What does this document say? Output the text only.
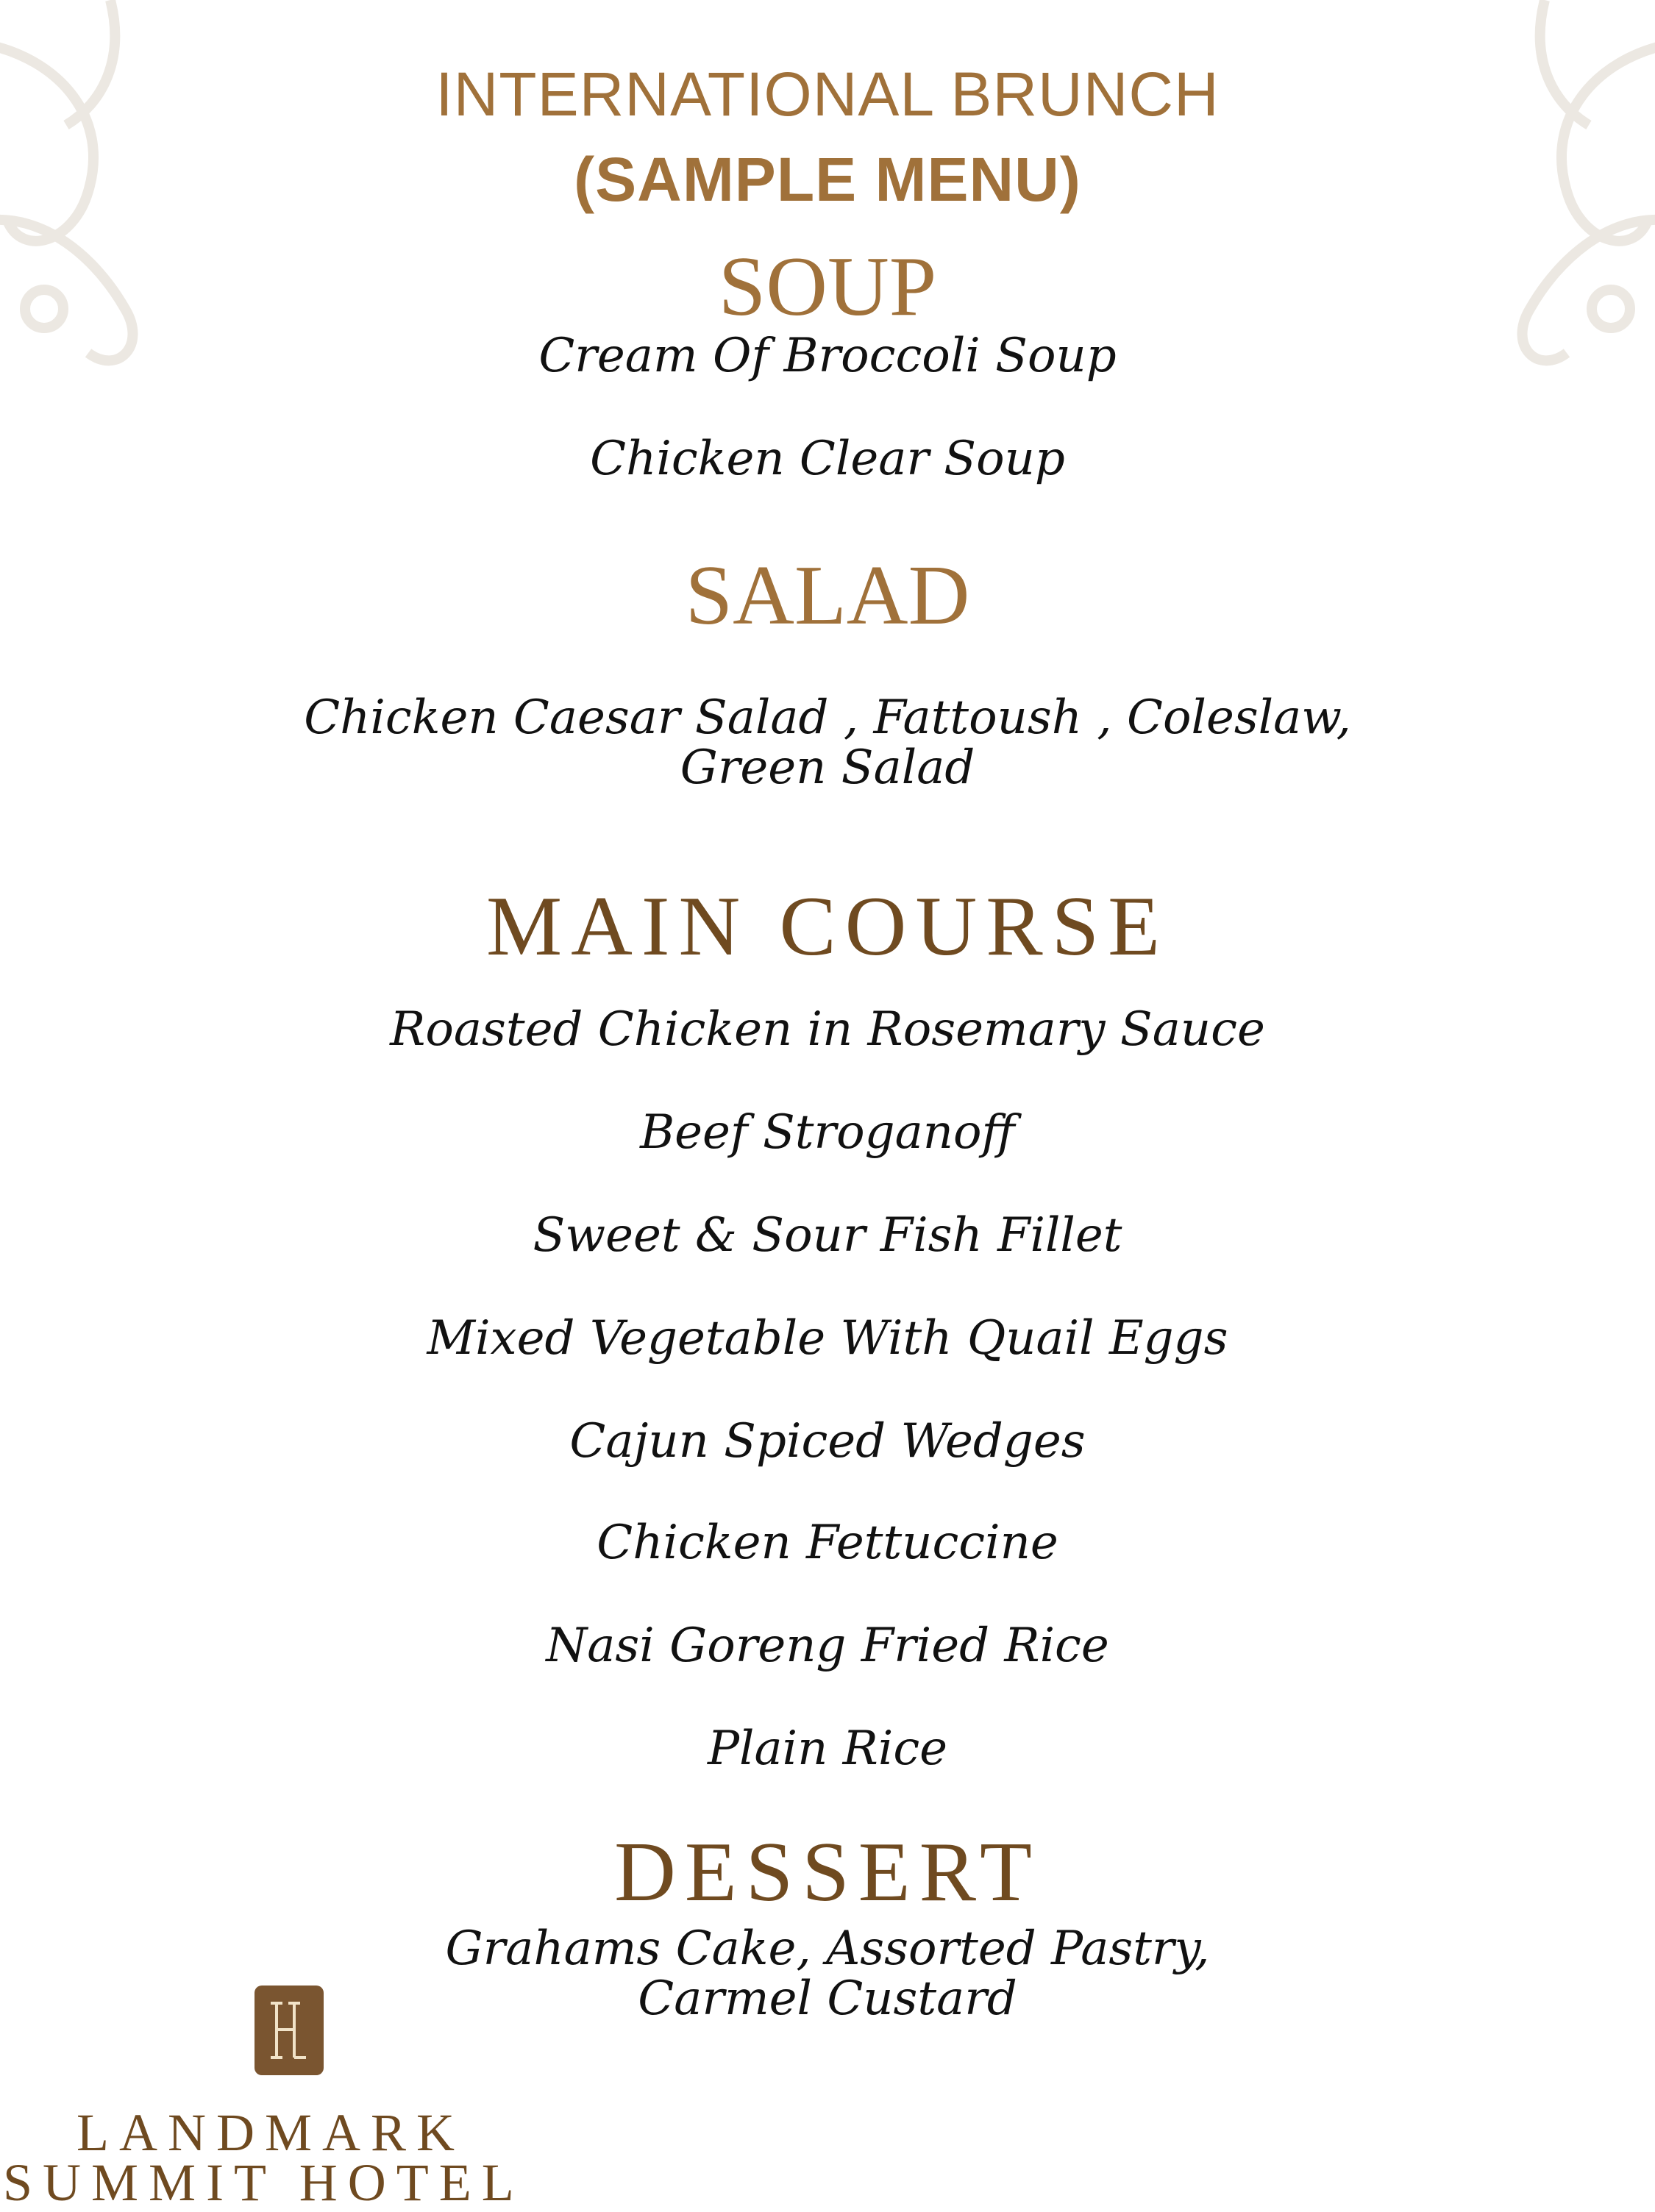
INTERNATIONAL BRUNCH
(SAMPLE MENU)
SOUP
Cream Of Broccoli Soup
Chicken Clear Soup
SALAD
Chicken Caesar Salad , Fattoush , Coleslaw,
Green Salad
MAIN COURSE
Roasted Chicken in Rosemary Sauce
Beef Stroganoff
Sweet & Sour Fish Fillet
Mixed Vegetable With Quail Eggs
Cajun Spiced Wedges
Chicken Fettuccine
Nasi Goreng Fried Rice
Plain Rice
DESSERT
Grahams Cake, Assorted Pastry,
Carmel Custard
LANDMARK
SUMMIT HOTEL
